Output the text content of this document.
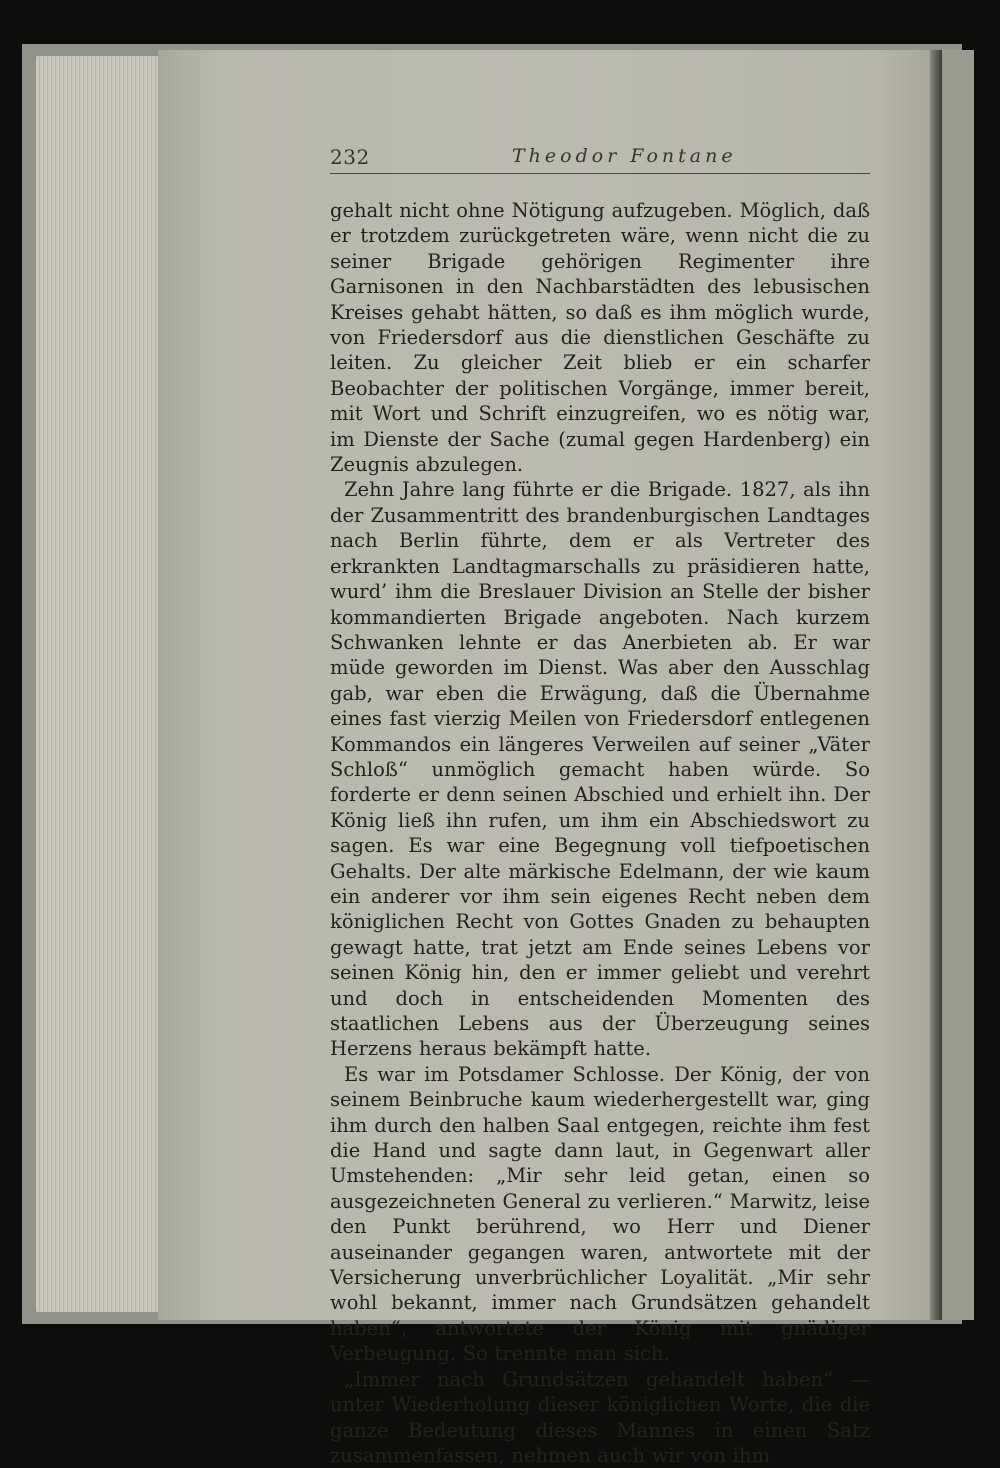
232	Theodor Fontane

gehalt nicht ohne Nötigung aufzugeben. Möglich, daß er trotzdem zurückgetreten wäre, wenn nicht die zu seiner Brigade gehörigen Regimenter ihre Garnisonen in den Nachbarstädten des lebusischen Kreises gehabt hätten, so daß es ihm möglich wurde, von Friedersdorf aus die dienstlichen Geschäfte zu leiten. Zu gleicher Zeit blieb er ein scharfer Beobachter der politischen Vorgänge, immer bereit, mit Wort und Schrift einzugreifen, wo es nötig war, im Dienste der Sache (zumal gegen Hardenberg) ein Zeugnis abzulegen.

Zehn Jahre lang führte er die Brigade. 1827, als ihn der Zusammentritt des brandenburgischen Landtages nach Berlin führte, dem er als Vertreter des erkrankten Landtagmarschalls zu präsidieren hatte, wurd’ ihm die Breslauer Division an Stelle der bisher kommandierten Brigade angeboten. Nach kurzem Schwanken lehnte er das Anerbieten ab. Er war müde geworden im Dienst. Was aber den Ausschlag gab, war eben die Erwägung, daß die Übernahme eines fast vierzig Meilen von Friedersdorf entlegenen Kommandos ein längeres Verweilen auf seiner „Väter Schloß“ unmöglich gemacht haben würde. So forderte er denn seinen Abschied und erhielt ihn. Der König ließ ihn rufen, um ihm ein Abschiedswort zu sagen. Es war eine Begegnung voll tiefpoetischen Gehalts. Der alte märkische Edelmann, der wie kaum ein anderer vor ihm sein eigenes Recht neben dem königlichen Recht von Gottes Gnaden zu behaupten gewagt hatte, trat jetzt am Ende seines Lebens vor seinen König hin, den er immer geliebt und verehrt und doch in entscheidenden Momenten des staatlichen Lebens aus der Überzeugung seines Herzens heraus bekämpft hatte.

Es war im Potsdamer Schlosse. Der König, der von seinem Beinbruche kaum wiederhergestellt war, ging ihm durch den halben Saal entgegen, reichte ihm fest die Hand und sagte dann laut, in Gegenwart aller Umstehenden: „Mir sehr leid getan, einen so ausgezeichneten General zu verlieren.“ Marwitz, leise den Punkt berührend, wo Herr und Diener auseinander gegangen waren, antwortete mit der Versicherung unverbrüchlicher Loyalität. „Mir sehr wohl bekannt, immer nach Grundsätzen gehandelt haben“, antwortete der König mit gnädiger Verbeugung. So trennte man sich.

„Immer nach Grundsätzen gehandelt haben“ — unter Wiederholung dieser königlichen Worte, die die ganze Bedeutung dieses Mannes in einen Satz zusammenfassen, nehmen auch wir von ihm
